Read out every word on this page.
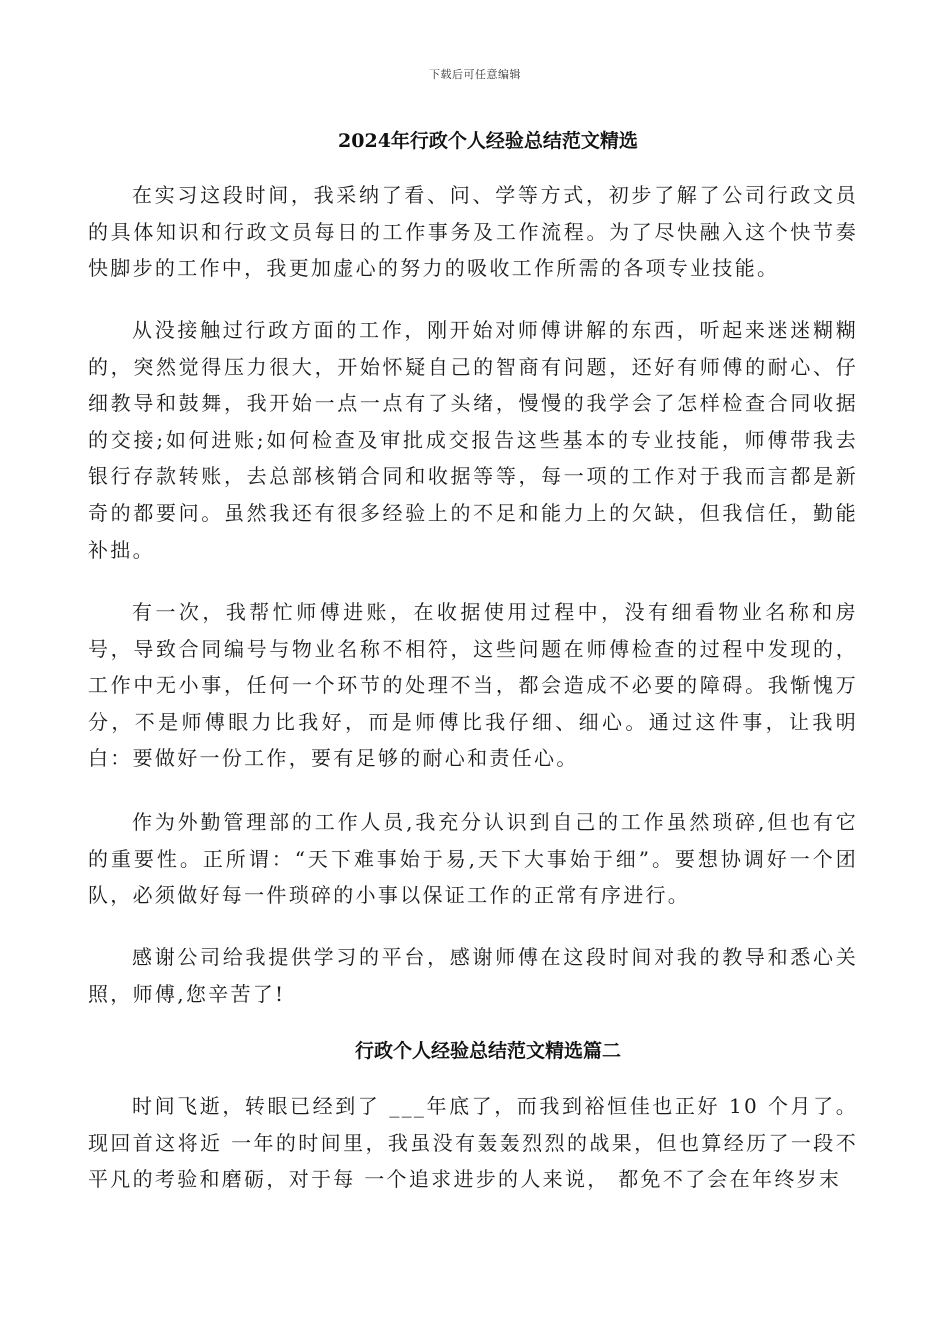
下载后可任意编辑
2024年行政个人经验总结范文精选

在实习这段时间，我采纳了看、问、学等方式，初步了解了公司行政文员的具体知识和行政文员每日的工作事务及工作流程。为了尽快融入这个快节奏快脚步的工作中，我更加虚心的努力的吸收工作所需的各项专业技能。

从没接触过行政方面的工作，刚开始对师傅讲解的东西，听起来迷迷糊糊的，突然觉得压力很大，开始怀疑自己的智商有问题，还好有师傅的耐心、仔细教导和鼓舞，我开始一点一点有了头绪，慢慢的我学会了怎样检查合同收据的交接;如何进账;如何检查及审批成交报告这些基本的专业技能，师傅带我去银行存款转账，去总部核销合同和收据等等，每一项的工作对于我而言都是新奇的都要问。虽然我还有很多经验上的不足和能力上的欠缺，但我信任，勤能补拙。

有一次，我帮忙师傅进账，在收据使用过程中，没有细看物业名称和房号，导致合同编号与物业名称不相符，这些问题在师傅检查的过程中发现的，工作中无小事，任何一个环节的处理不当，都会造成不必要的障碍。我惭愧万分，不是师傅眼力比我好，而是师傅比我仔细、细心。通过这件事，让我明白：要做好一份工作，要有足够的耐心和责任心。

作为外勤管理部的工作人员,我充分认识到自己的工作虽然琐碎,但也有它的重要性。正所谓：“天下难事始于易,天下大事始于细”。要想协调好一个团队，必须做好每一件琐碎的小事以保证工作的正常有序进行。

感谢公司给我提供学习的平台，感谢师傅在这段时间对我的教导和悉心关照，师傅,您辛苦了!

行政个人经验总结范文精选篇二

时间飞逝，转眼已经到了 ___年底了，而我到裕恒佳也正好 10 个月了。现回首这将近 一年的时间里，我虽没有轰轰烈烈的战果，但也算经历了一段不平凡的考验和磨砺，对于每 一个追求进步的人来说， 都免不了会在年终岁末
